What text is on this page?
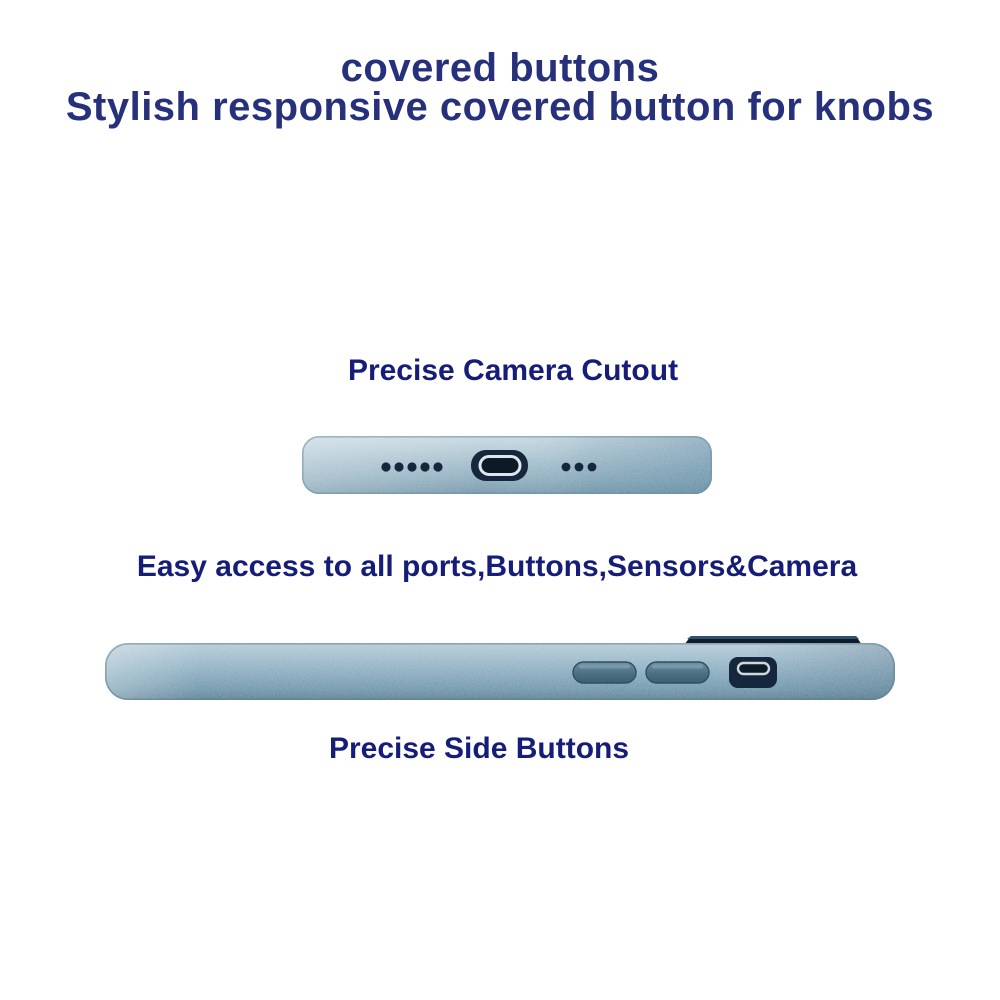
covered buttons
Stylish responsive covered button for knobs
Precise Camera Cutout
Easy access to all ports,Buttons,Sensors&Camera
Precise Side Buttons
